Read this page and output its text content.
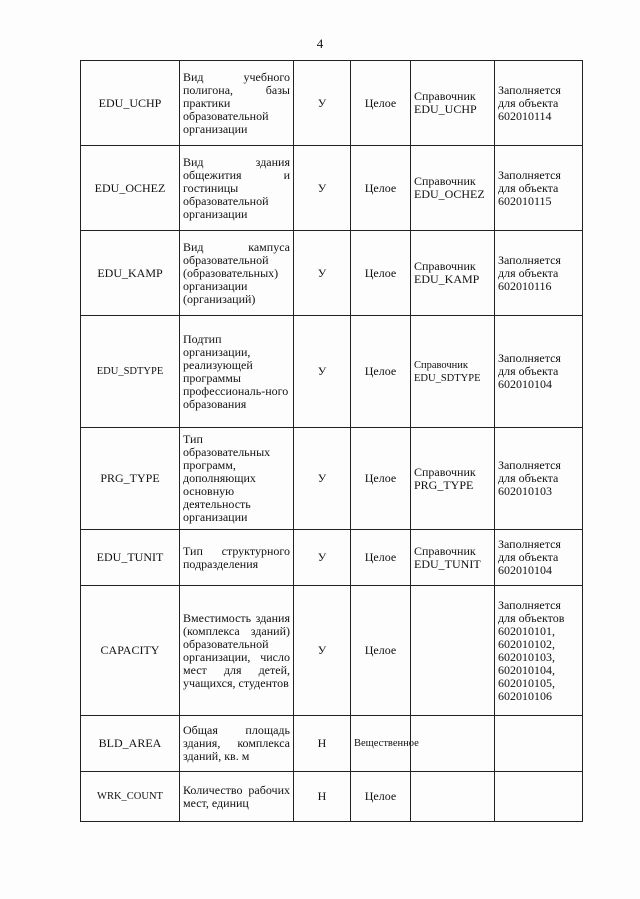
4
EDU_UCHP	Вид учебного полигона, базы практики образовательной организации	У	Целое	Справочник EDU_UCHP	Заполняется для объекта 602010114
EDU_OCHEZ	Вид здания общежития и гостиницы образовательной организации	У	Целое	Справочник EDU_OCHEZ	Заполняется для объекта 602010115
EDU_KAMP	Вид кампуса образовательной (образовательных) организации (организаций)	У	Целое	Справочник EDU_KAMP	Заполняется для объекта 602010116
EDU_SDTYPE	Подтип организации, реализующей программы профессиональ-ного образования	У	Целое	Справочник EDU_SDTYPE	Заполняется для объекта 602010104
PRG_TYPE	Тип образовательных программ, дополняющих основную деятельность организации	У	Целое	Справочник PRG_TYPE	Заполняется для объекта 602010103
EDU_TUNIT	Тип структурного подразделения	У	Целое	Справочник EDU_TUNIT	Заполняется для объекта 602010104
CAPACITY	Вместимость здания (комплекса зданий) образовательной организации, число мест для детей, учащихся, студентов	У	Целое		Заполняется для объектов 602010101, 602010102, 602010103, 602010104, 602010105, 602010106
BLD_AREA	Общая площадь здания, комплекса зданий, кв. м	Н	Вещественное		
WRK_COUNT	Количество рабочих мест, единиц	Н	Целое		
